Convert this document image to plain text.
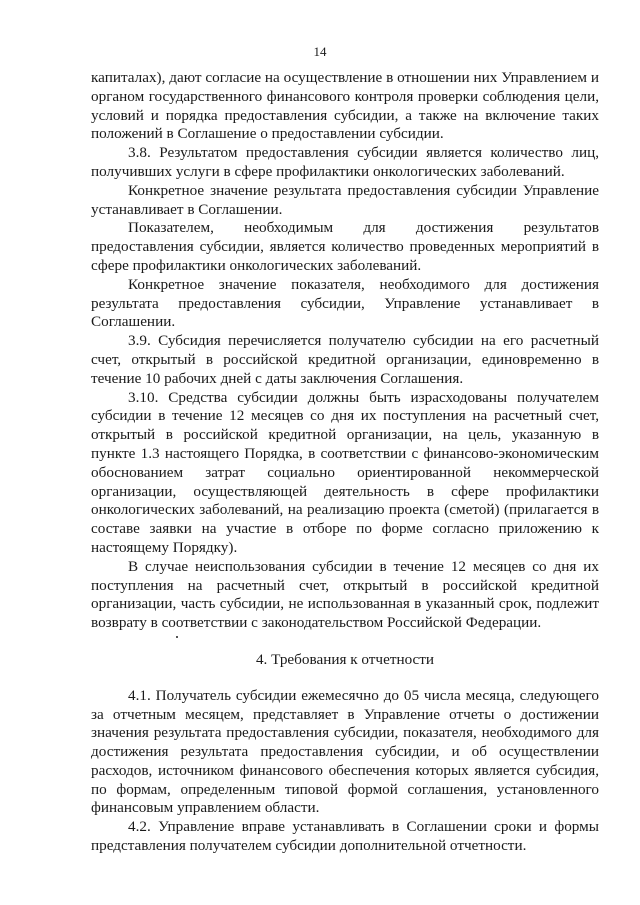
14
капиталах), дают согласие на осуществление в отношении них Управлением и
органом государственного финансового контроля проверки соблюдения цели,
условий и порядка предоставления субсидии, а также на включение таких
положений в Соглашение о предоставлении субсидии.
3.8. Результатом предоставления субсидии является количество лиц,
получивших услуги в сфере профилактики онкологических заболеваний.
Конкретное значение результата предоставления субсидии Управление
устанавливает в Соглашении.
Показателем, необходимым для достижения результатов
предоставления субсидии, является количество проведенных мероприятий в
сфере профилактики онкологических заболеваний.
Конкретное значение показателя, необходимого для достижения
результата предоставления субсидии, Управление устанавливает в
Соглашении.
3.9. Субсидия перечисляется получателю субсидии на его расчетный
счет, открытый в российской кредитной организации, единовременно в
течение 10 рабочих дней с даты заключения Соглашения.
3.10. Средства субсидии должны быть израсходованы получателем
субсидии в течение 12 месяцев со дня их поступления на расчетный счет,
открытый в российской кредитной организации, на цель, указанную в
пункте 1.3 настоящего Порядка, в соответствии с финансово-экономическим
обоснованием затрат социально ориентированной некоммерческой
организации, осуществляющей деятельность в сфере профилактики
онкологических заболеваний, на реализацию проекта (сметой) (прилагается в
составе заявки на участие в отборе по форме согласно приложению к
настоящему Порядку).
В случае неиспользования субсидии в течение 12 месяцев со дня их
поступления на расчетный счет, открытый в российской кредитной
организации, часть субсидии, не использованная в указанный срок, подлежит
возврату в соответствии с законодательством Российской Федерации.
4. Требования к отчетности
4.1. Получатель субсидии ежемесячно до 05 числа месяца, следующего
за отчетным месяцем, представляет в Управление отчеты о достижении
значения результата предоставления субсидии, показателя, необходимого для
достижения результата предоставления субсидии, и об осуществлении
расходов, источником финансового обеспечения которых является субсидия,
по формам, определенным типовой формой соглашения, установленного
финансовым управлением области.
4.2. Управление вправе устанавливать в Соглашении сроки и формы
представления получателем субсидии дополнительной отчетности.
